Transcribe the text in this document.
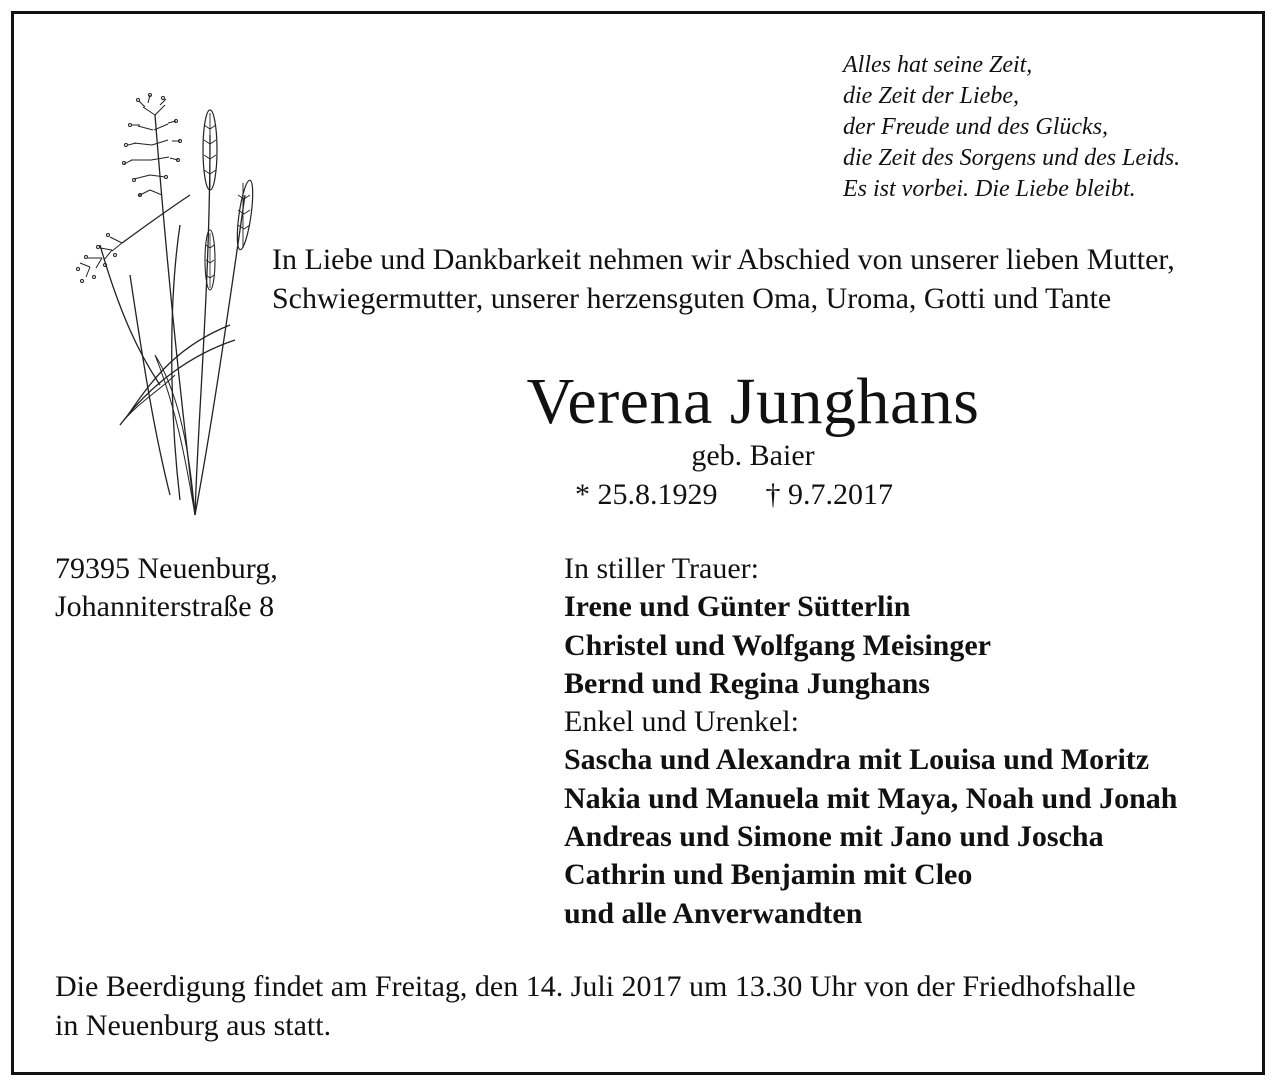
Alles hat seine Zeit,
die Zeit der Liebe,
der Freude und des Glücks,
die Zeit des Sorgens und des Leids.
Es ist vorbei. Die Liebe bleibt.
In Liebe und Dankbarkeit nehmen wir Abschied von unserer lieben Mutter,
Schwiegermutter, unserer herzensguten Oma, Uroma, Gotti und Tante
Verena Junghans
geb. Baier
* 25.8.1929 † 9.7.2017
79395 Neuenburg,
Johanniterstraße 8
In stiller Trauer:
Irene und Günter Sütterlin
Christel und Wolfgang Meisinger
Bernd und Regina Junghans
Enkel und Urenkel:
Sascha und Alexandra mit Louisa und Moritz
Nakia und Manuela mit Maya, Noah und Jonah
Andreas und Simone mit Jano und Joscha
Cathrin und Benjamin mit Cleo
und alle Anverwandten
Die Beerdigung findet am Freitag, den 14. Juli 2017 um 13.30 Uhr von der Friedhofshalle
in Neuenburg aus statt.
